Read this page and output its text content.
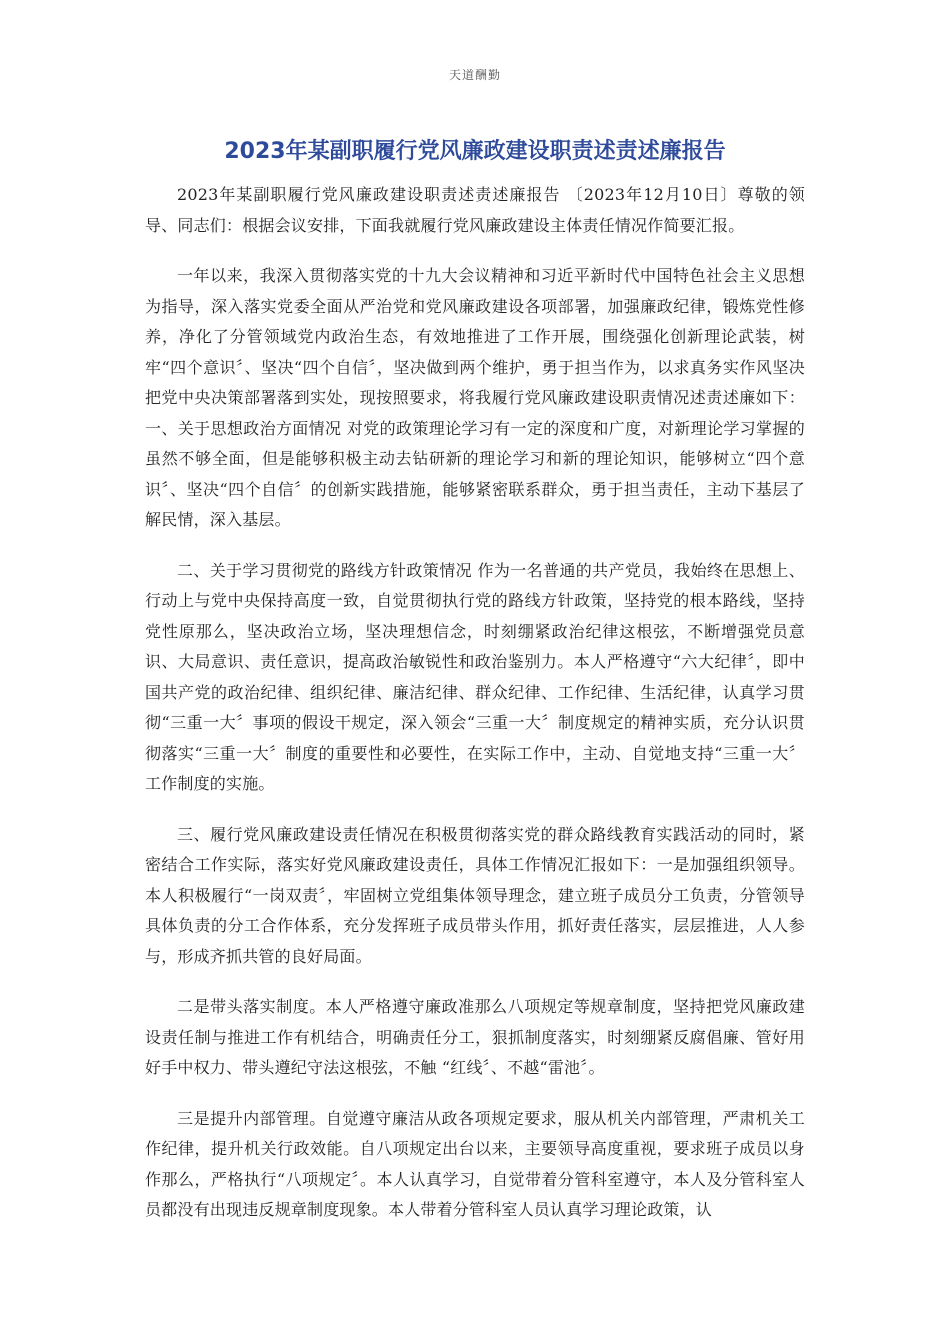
天道酬勤
2023年某副职履行党风廉政建设职责述责述廉报告

2023年某副职履行党风廉政建设职责述责述廉报告 〔2023年12月10日〕尊敬的领导、同志们：根据会议安排，下面我就履行党风廉政建设主体责任情况作简要汇报。

一年以来，我深入贯彻落实党的十九大会议精神和习近平新时代中国特色社会主义思想为指导，深入落实党委全面从严治党和党风廉政建设各项部署，加强廉政纪律，锻炼党性修养，净化了分管领域党内政治生态，有效地推进了工作开展，围绕强化创新理论武装，树牢“四个意识〞、坚决“四个自信〞，坚决做到两个维护，勇于担当作为，以求真务实作风坚决把党中央决策部署落到实处，现按照要求，将我履行党风廉政建设职责情况述责述廉如下：一、关于思想政治方面情况 对党的政策理论学习有一定的深度和广度，对新理论学习掌握的虽然不够全面，但是能够积极主动去钻研新的理论学习和新的理论知识，能够树立“四个意识〞、坚决“四个自信〞的创新实践措施，能够紧密联系群众，勇于担当责任，主动下基层了解民情，深入基层。

二、关于学习贯彻党的路线方针政策情况 作为一名普通的共产党员，我始终在思想上、行动上与党中央保持高度一致，自觉贯彻执行党的路线方针政策，坚持党的根本路线，坚持党性原那么，坚决政治立场，坚决理想信念，时刻绷紧政治纪律这根弦，不断增强党员意识、大局意识、责任意识，提高政治敏锐性和政治鉴别力。本人严格遵守“六大纪律〞，即中国共产党的政治纪律、组织纪律、廉洁纪律、群众纪律、工作纪律、生活纪律，认真学习贯彻“三重一大〞事项的假设干规定，深入领会“三重一大〞制度规定的精神实质，充分认识贯彻落实“三重一大〞制度的重要性和必要性，在实际工作中，主动、自觉地支持“三重一大〞工作制度的实施。

三、履行党风廉政建设责任情况在积极贯彻落实党的群众路线教育实践活动的同时，紧密结合工作实际，落实好党风廉政建设责任，具体工作情况汇报如下：一是加强组织领导。本人积极履行“一岗双责〞，牢固树立党组集体领导理念，建立班子成员分工负责，分管领导具体负责的分工合作体系，充分发挥班子成员带头作用，抓好责任落实，层层推进，人人参与，形成齐抓共管的良好局面。

二是带头落实制度。本人严格遵守廉政准那么八项规定等规章制度，坚持把党风廉政建设责任制与推进工作有机结合，明确责任分工，狠抓制度落实，时刻绷紧反腐倡廉、管好用好手中权力、带头遵纪守法这根弦，不触 “红线〞、不越“雷池〞。

三是提升内部管理。自觉遵守廉洁从政各项规定要求，服从机关内部管理，严肃机关工作纪律，提升机关行政效能。自八项规定出台以来，主要领导高度重视，要求班子成员以身作那么，严格执行“八项规定〞。本人认真学习，自觉带着分管科室遵守，本人及分管科室人员都没有出现违反规章制度现象。本人带着分管科室人员认真学习理论政策，认
